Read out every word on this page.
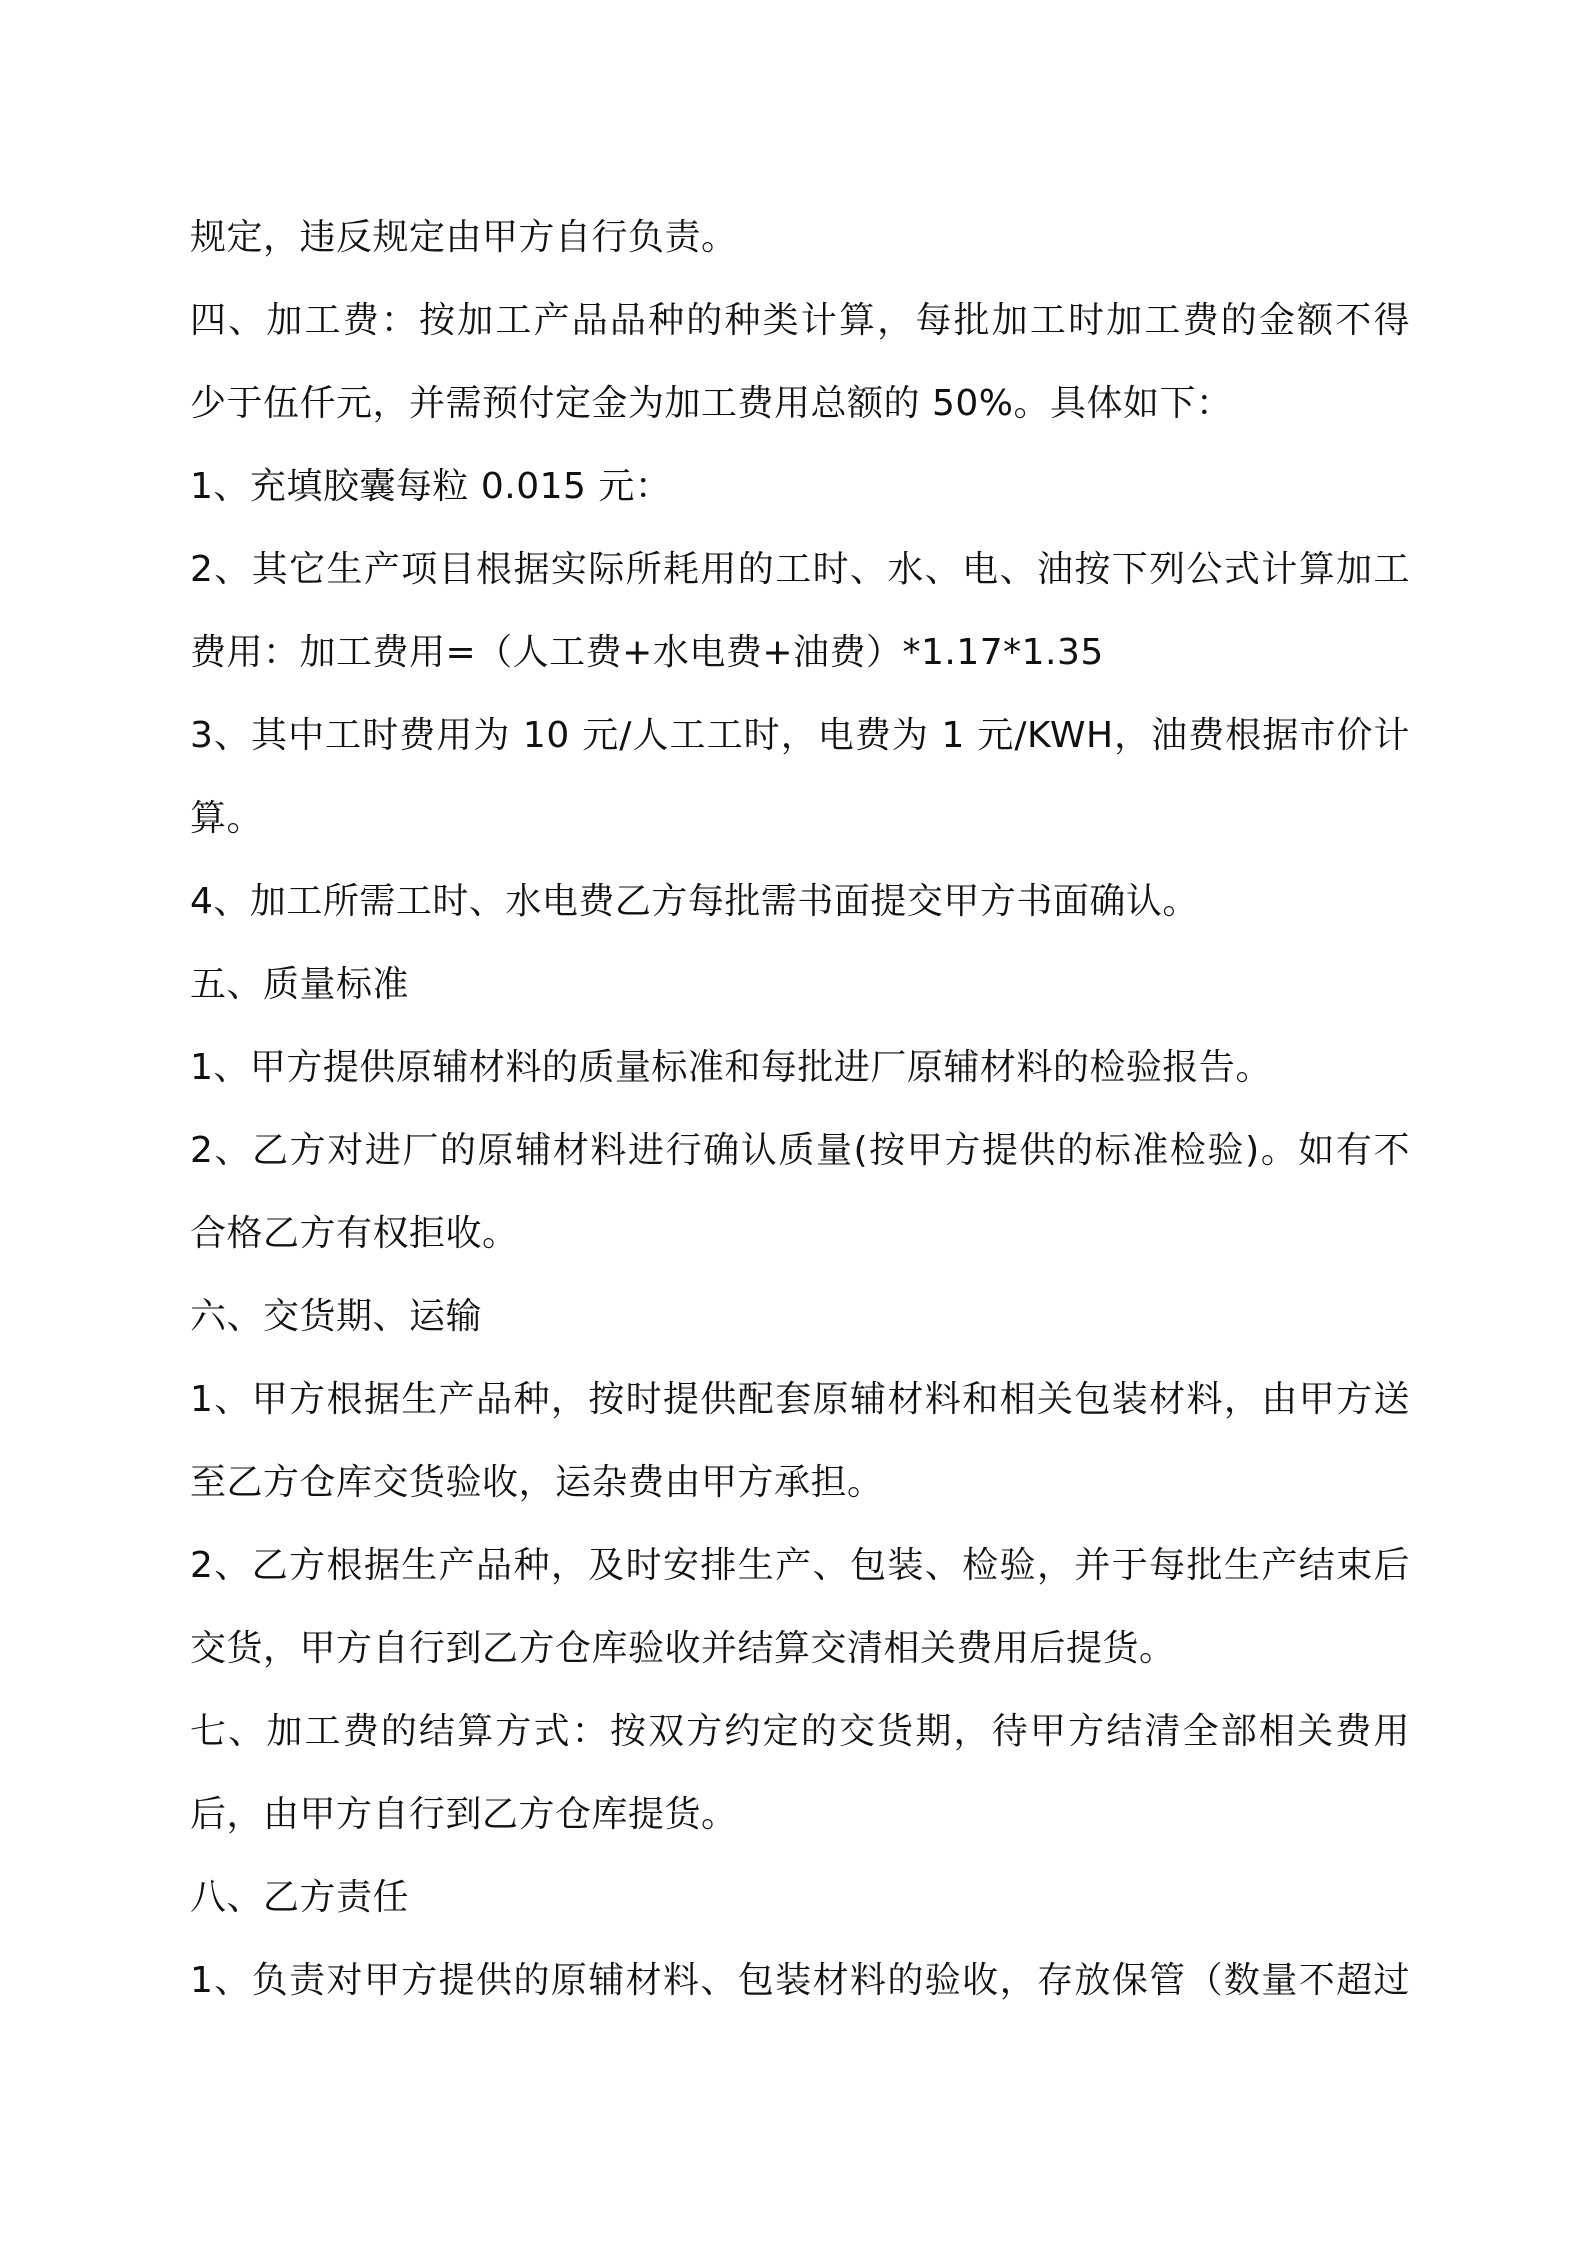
规定，违反规定由甲方自行负责。
四、加工费：按加工产品品种的种类计算，每批加工时加工费的金额不得
少于伍仟元，并需预付定金为加工费用总额的 50%。具体如下：
1、充填胶囊每粒 0.015 元：
2、其它生产项目根据实际所耗用的工时、水、电、油按下列公式计算加工
费用：加工费用=（人工费+水电费+油费）*1.17*1.35
3、其中工时费用为 10 元/人工工时，电费为 1 元/KWH，油费根据市价计
算。
4、加工所需工时、水电费乙方每批需书面提交甲方书面确认。
五、质量标准
1、甲方提供原辅材料的质量标准和每批进厂原辅材料的检验报告。
2、乙方对进厂的原辅材料进行确认质量(按甲方提供的标准检验)。如有不
合格乙方有权拒收。
六、交货期、运输
1、甲方根据生产品种，按时提供配套原辅材料和相关包装材料，由甲方送
至乙方仓库交货验收，运杂费由甲方承担。
2、乙方根据生产品种，及时安排生产、包装、检验，并于每批生产结束后
交货，甲方自行到乙方仓库验收并结算交清相关费用后提货。
七、加工费的结算方式：按双方约定的交货期，待甲方结清全部相关费用
后，由甲方自行到乙方仓库提货。
八、乙方责任
1、负责对甲方提供的原辅材料、包装材料的验收，存放保管（数量不超过
